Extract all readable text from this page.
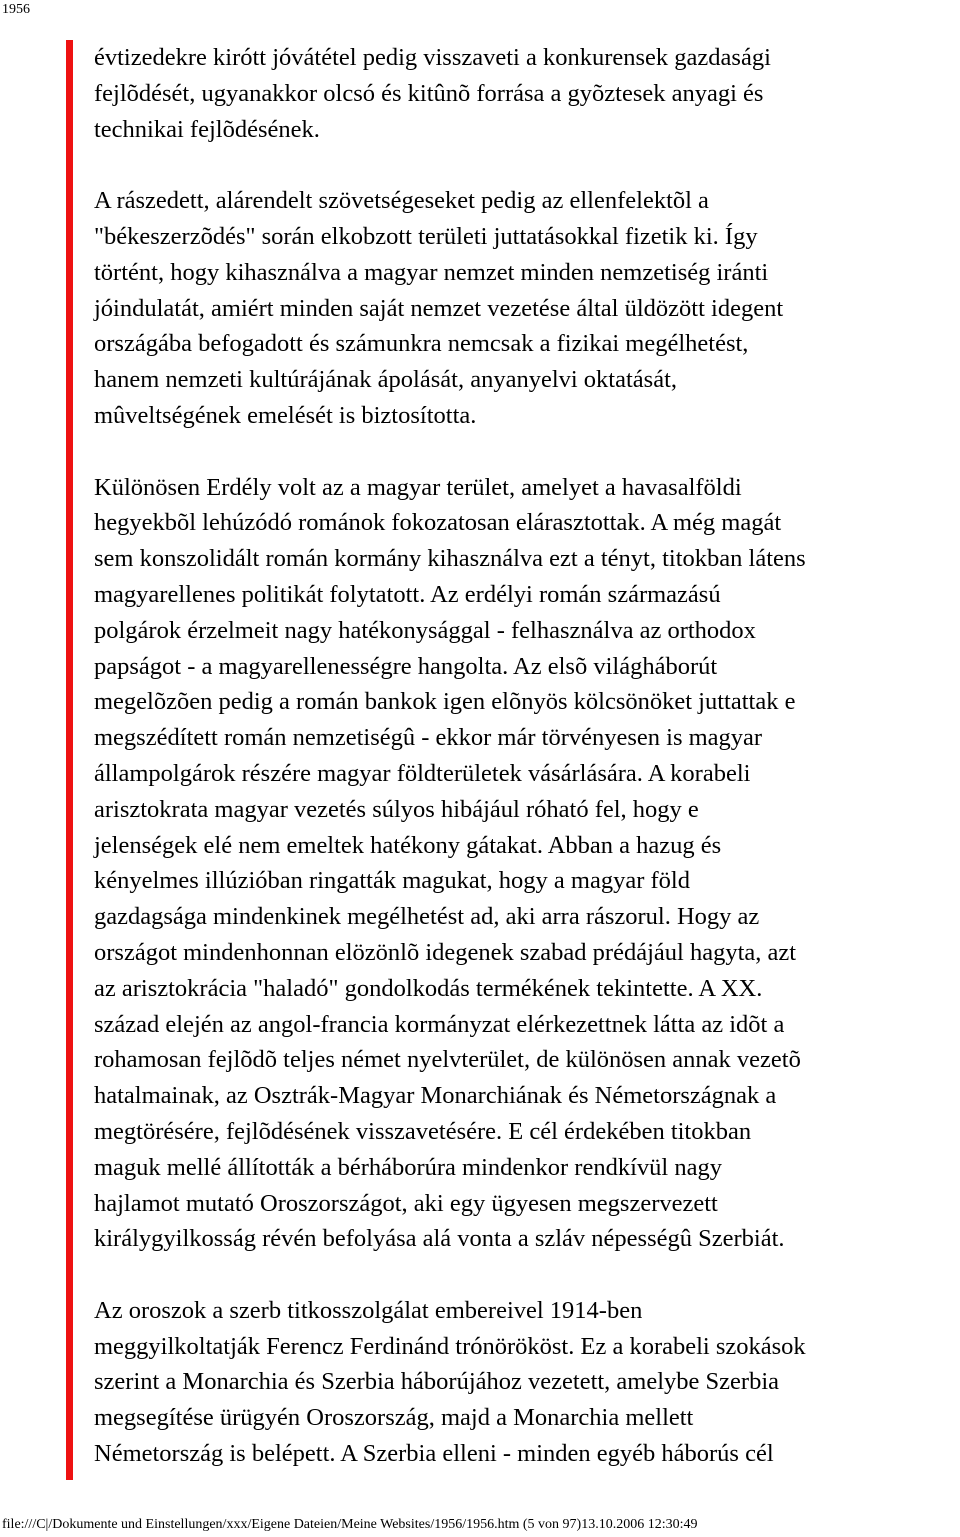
1956

évtizedekre kirótt jóvátétel pedig visszaveti a konkurensek gazdasági
fejlõdését, ugyanakkor olcsó és kitûnõ forrása a gyõztesek anyagi és
technikai fejlõdésének.

A rászedett, alárendelt szövetségeseket pedig az ellenfelektõl a
"békeszerzõdés" során elkobzott területi juttatásokkal fizetik ki. Így
történt, hogy kihasználva a magyar nemzet minden nemzetiség iránti
jóindulatát, amiért minden saját nemzet vezetése által üldözött idegent
országába befogadott és számunkra nemcsak a fizikai megélhetést,
hanem nemzeti kultúrájának ápolását, anyanyelvi oktatását,
mûveltségének emelését is biztosította.

Különösen Erdély volt az a magyar terület, amelyet a havasalföldi
hegyekbõl lehúzódó románok fokozatosan elárasztottak. A még magát
sem konszolidált román kormány kihasználva ezt a tényt, titokban látens
magyarellenes politikát folytatott. Az erdélyi román származású
polgárok érzelmeit nagy hatékonysággal - felhasználva az orthodox
papságot - a magyarellenességre hangolta. Az elsõ világháborút
megelõzõen pedig a román bankok igen elõnyös kölcsönöket juttattak e
megszédített román nemzetiségû - ekkor már törvényesen is magyar
állampolgárok részére magyar földterületek vásárlására. A korabeli
arisztokrata magyar vezetés súlyos hibájául róható fel, hogy e
jelenségek elé nem emeltek hatékony gátakat. Abban a hazug és
kényelmes illúzióban ringatták magukat, hogy a magyar föld
gazdagsága mindenkinek megélhetést ad, aki arra rászorul. Hogy az
országot mindenhonnan elözönlõ idegenek szabad prédájául hagyta, azt
az arisztokrácia "haladó" gondolkodás termékének tekintette. A XX.
század elején az angol-francia kormányzat elérkezettnek látta az idõt a
rohamosan fejlõdõ teljes német nyelvterület, de különösen annak vezetõ
hatalmainak, az Osztrák-Magyar Monarchiának és Németországnak a
megtörésére, fejlõdésének visszavetésére. E cél érdekében titokban
maguk mellé állították a bérháborúra mindenkor rendkívül nagy
hajlamot mutató Oroszországot, aki egy ügyesen megszervezett
királygyilkosság révén befolyása alá vonta a szláv népességû Szerbiát.

Az oroszok a szerb titkosszolgálat embereivel 1914-ben
meggyilkoltatják Ferencz Ferdinánd trónörököst. Ez a korabeli szokások
szerint a Monarchia és Szerbia háborújához vezetett, amelybe Szerbia
megsegítése ürügyén Oroszország, majd a Monarchia mellett
Németország is belépett. A Szerbia elleni - minden egyéb háborús cél

file:///C|/Dokumente und Einstellungen/xxx/Eigene Dateien/Meine Websites/1956/1956.htm (5 von 97)13.10.2006 12:30:49
